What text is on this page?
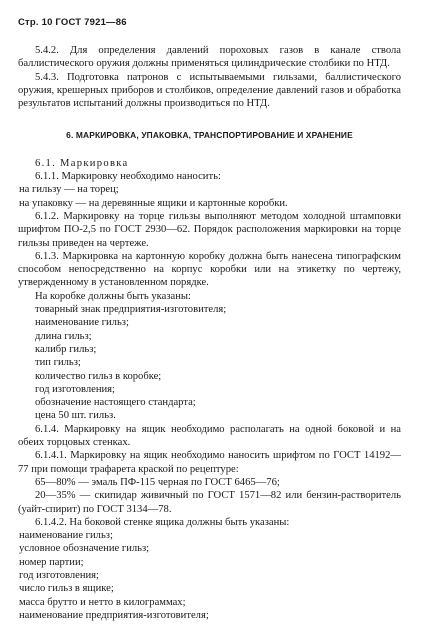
Стр. 10 ГОСТ 7921—86

5.4.2. Для определения давлений пороховых газов в канале ствола баллистического оружия должны применяться цилиндрические столбики по НТД.

5.4.3. Подготовка патронов с испытываемыми гильзами, баллистического оружия, крешерных приборов и столбиков, определение давлений газов и обработка результатов испытаний должны производиться по НТД.

6. МАРКИРОВКА, УПАКОВКА, ТРАНСПОРТИРОВАНИЕ И ХРАНЕНИЕ

6.1. Маркировка

6.1.1. Маркировку необходимо наносить:

на гильзу — на торец;

на упаковку — на деревянные ящики и картонные коробки.

6.1.2. Маркировку на торце гильзы выполняют методом холодной штамповки шрифтом ПО-2,5 по ГОСТ 2930—62. Порядок расположения маркировки на торце гильзы приведен на чертеже.

6.1.3. Маркировка на картонную коробку должна быть нанесена типографским способом непосредственно на корпус коробки или на этикетку по чертежу, утвержденному в установленном порядке.

На коробке должны быть указаны:

товарный знак предприятия-изготовителя;

наименование гильз;

длина гильз;

калибр гильз;

тип гильз;

количество гильз в коробке;

год изготовления;

обозначение настоящего стандарта;

цена 50 шт. гильз.

6.1.4. Маркировку на ящик необходимо располагать на одной боковой и на обеих торцовых стенках.

6.1.4.1. Маркировку на ящик необходимо наносить шрифтом по ГОСТ 14192—77 при помощи трафарета краской по рецептуре:

65—80% — эмаль ПФ-115 черная по ГОСТ 6465—76;

20—35% — скипидар живичный по ГОСТ 1571—82 или бензин-растворитель (уайт-спирит) по ГОСТ 3134—78.

6.1.4.2. На боковой стенке ящика должны быть указаны:

наименование гильз;

условное обозначение гильз;

номер партии;

год изготовления;

число гильз в ящике;

масса брутто и нетто в килограммах;

наименование предприятия-изготовителя;
